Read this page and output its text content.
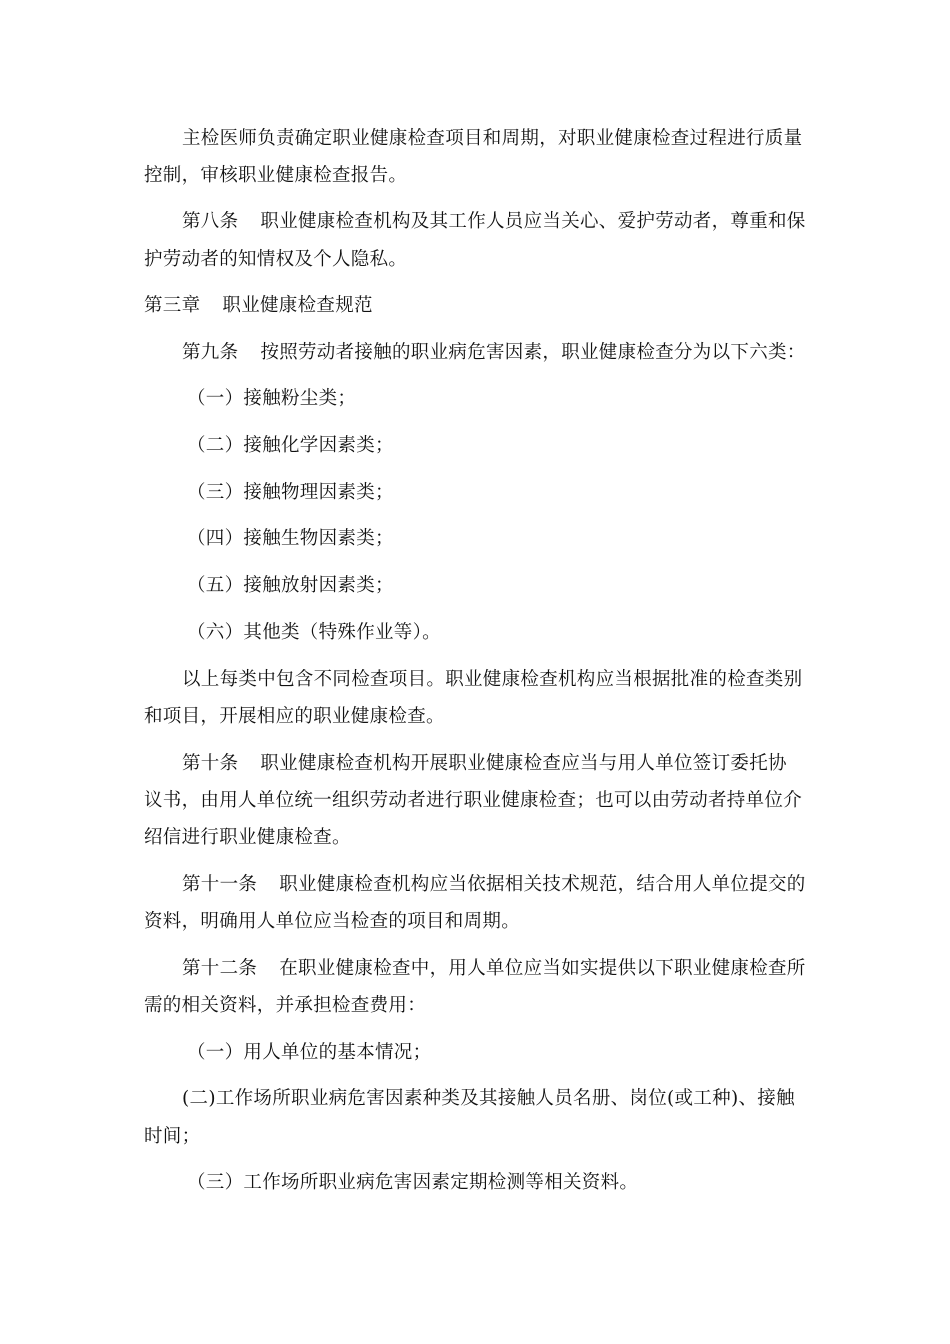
主检医师负责确定职业健康检查项目和周期，对职业健康检查过程进行质量
控制，审核职业健康检查报告。
第八条 职业健康检查机构及其工作人员应当关心、爱护劳动者，尊重和保
护劳动者的知情权及个人隐私。
第三章 职业健康检查规范
第九条 按照劳动者接触的职业病危害因素，职业健康检查分为以下六类：
（一）接触粉尘类；
（二）接触化学因素类；
（三）接触物理因素类；
（四）接触生物因素类；
（五）接触放射因素类；
（六）其他类（特殊作业等）。
以上每类中包含不同检查项目。职业健康检查机构应当根据批准的检查类别
和项目，开展相应的职业健康检查。
第十条 职业健康检查机构开展职业健康检查应当与用人单位签订委托协
议书，由用人单位统一组织劳动者进行职业健康检查；也可以由劳动者持单位介
绍信进行职业健康检查。
第十一条 职业健康检查机构应当依据相关技术规范，结合用人单位提交的
资料，明确用人单位应当检查的项目和周期。
第十二条 在职业健康检查中，用人单位应当如实提供以下职业健康检查所
需的相关资料，并承担检查费用：
（一）用人单位的基本情况；
(二)工作场所职业病危害因素种类及其接触人员名册、岗位(或工种)、接触
时间；
（三）工作场所职业病危害因素定期检测等相关资料。
